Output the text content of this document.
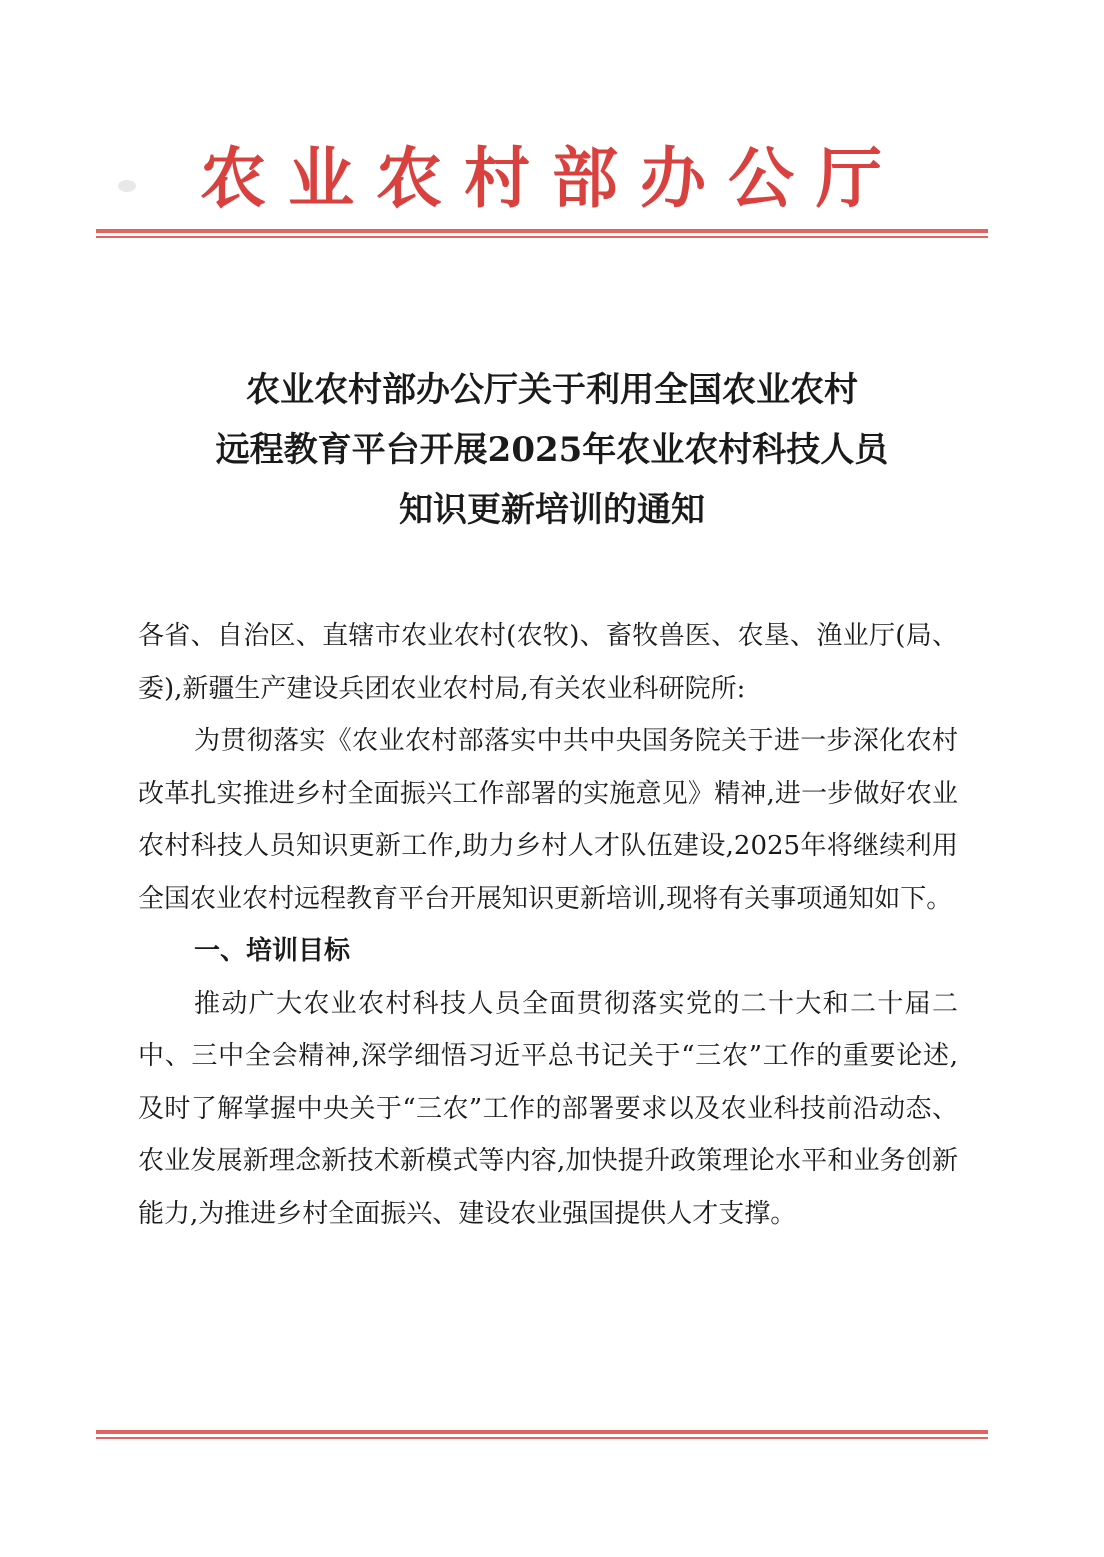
农业农村部办公厅
农业农村部办公厅关于利用全国农业农村
远程教育平台开展2025年农业农村科技人员
知识更新培训的通知

各省、自治区、直辖市农业农村(农牧)、畜牧兽医、农垦、渔业厅(局、委),新疆生产建设兵团农业农村局,有关农业科研院所:

为贯彻落实《农业农村部落实中共中央国务院关于进一步深化农村改革扎实推进乡村全面振兴工作部署的实施意见》精神,进一步做好农业农村科技人员知识更新工作,助力乡村人才队伍建设,2025年将继续利用全国农业农村远程教育平台开展知识更新培训,现将有关事项通知如下。

一、培训目标

推动广大农业农村科技人员全面贯彻落实党的二十大和二十届二中、三中全会精神,深学细悟习近平总书记关于“三农”工作的重要论述,及时了解掌握中央关于“三农”工作的部署要求以及农业科技前沿动态、农业发展新理念新技术新模式等内容,加快提升政策理论水平和业务创新能力,为推进乡村全面振兴、建设农业强国提供人才支撑。
